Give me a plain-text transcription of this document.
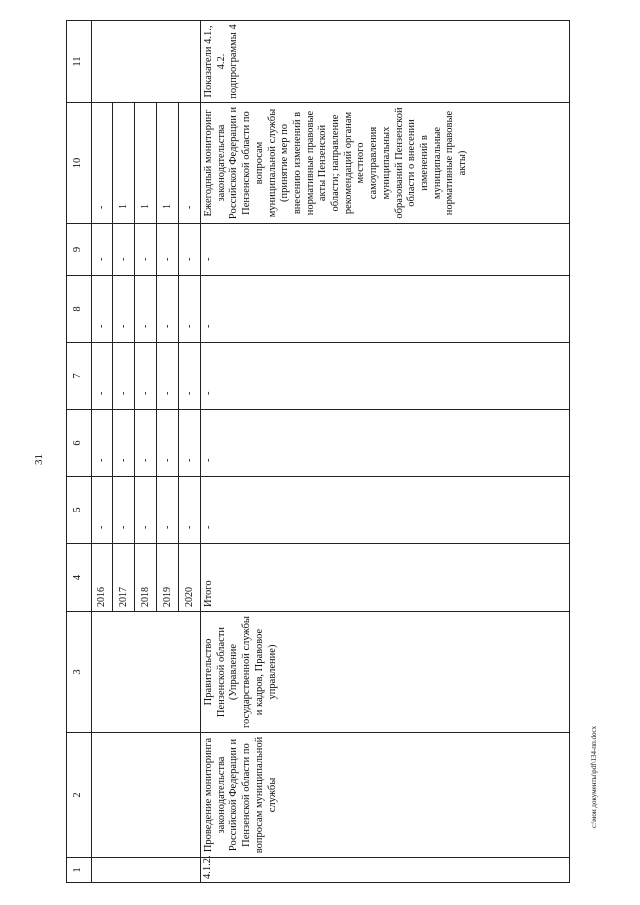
31
1	2	3	4	5	6	7	8	9	10	11
			2016	-	-	-	-	-	-	
			2017	-	-	-	-	-	1	
			2018	-	-	-	-	-	1	
			2019	-	-	-	-	-	1	
			2020	-	-	-	-	-	-	
4.1.2.	Проведение мониторинга законодательства Российской Федерации и Пензенской области по вопросам муниципальной службы	Правительство Пензенской области (Управление государственной службы и кадров, Правовое управление)	Итого	-	-	-	-	-	Ежегодный мониторинг законодательства Российской Федерации и Пензенской области по вопросам муниципальной службы (принятие мер по внесению изменений в нормативные правовые акты Пензенской области; направление рекомендаций органам местного самоуправления муниципальных образований Пензенской области о внесении изменений в муниципальные нормативные правовые акты)	Показатели 4.1., 4.2. подпрограммы 4
c:\мои документы\pdf\134-пп.docx
